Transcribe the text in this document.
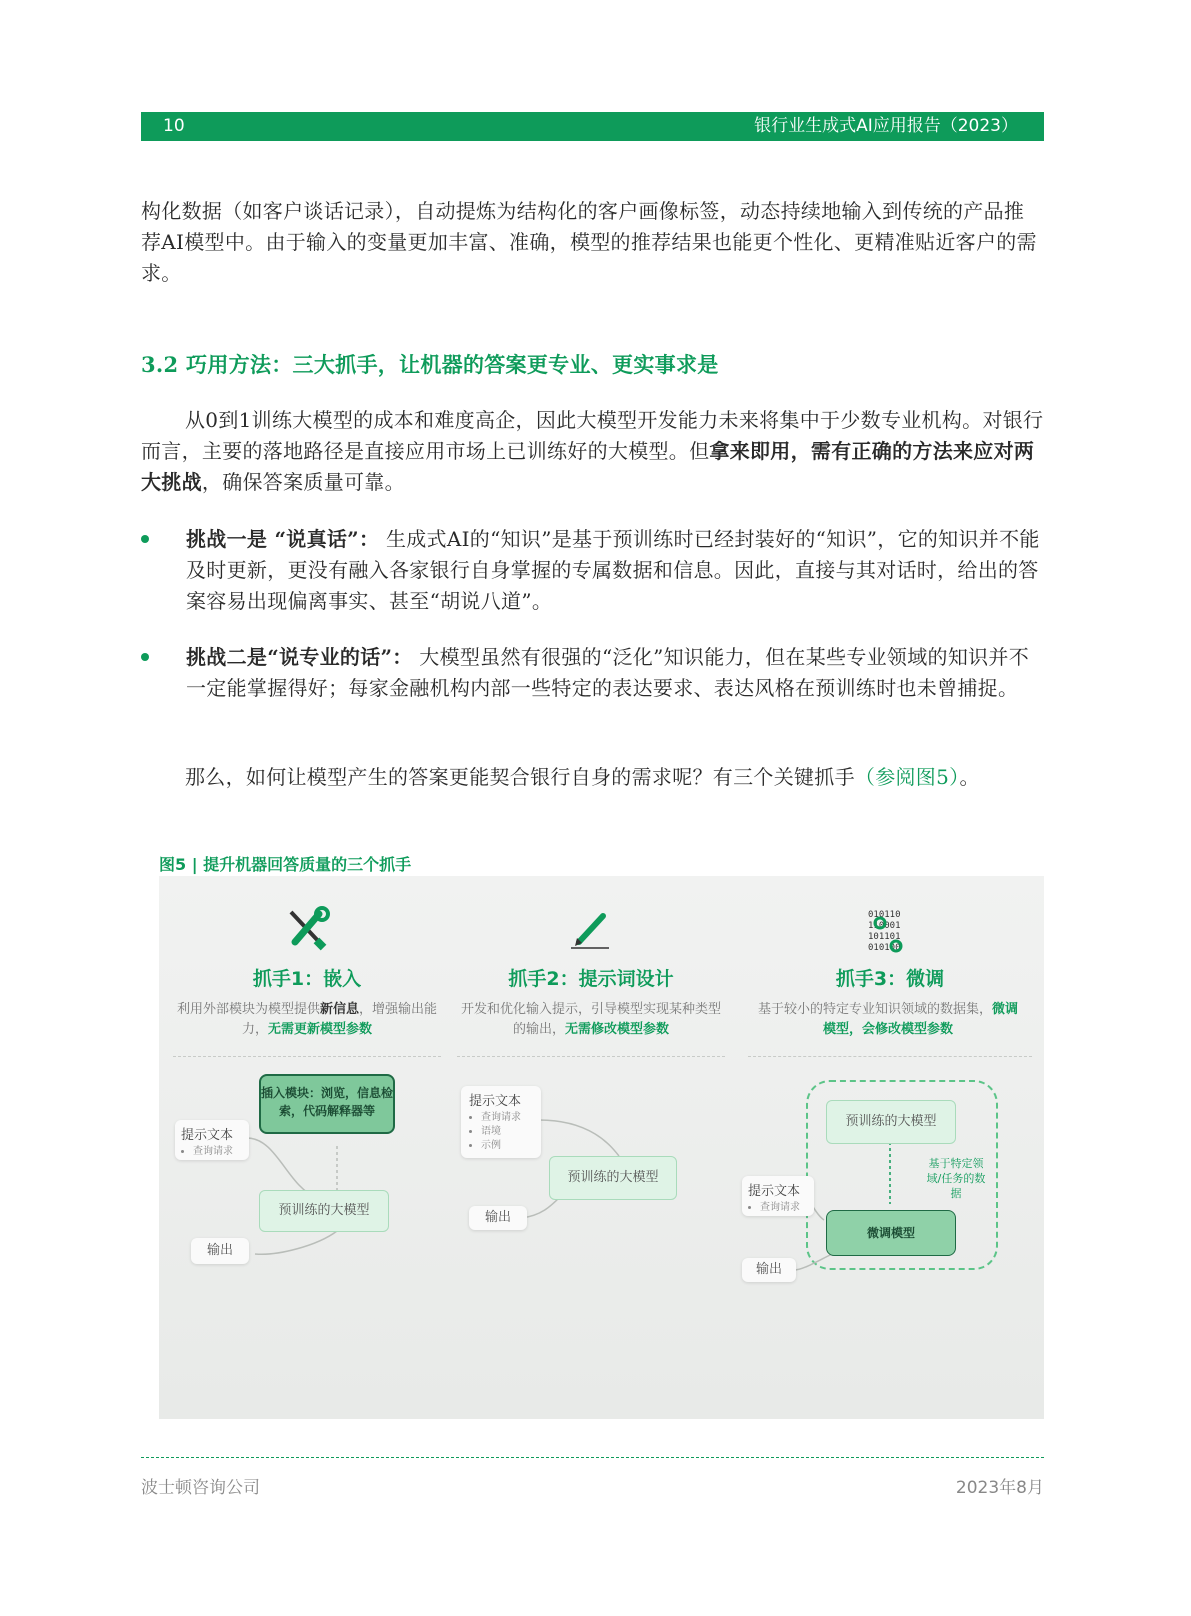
10	银行业生成式AI应用报告（2023）

构化数据（如客户谈话记录），自动提炼为结构化的客户画像标签，动态持续地输入到传统的产品推荐AI模型中。由于输入的变量更加丰富、准确，模型的推荐结果也能更个性化、更精准贴近客户的需求。

3.2 巧用方法：三大抓手，让机器的答案更专业、更实事求是

从0到1训练大模型的成本和难度高企，因此大模型开发能力未来将集中于少数专业机构。对银行而言，主要的落地路径是直接应用市场上已训练好的大模型。但拿来即用，需有正确的方法来应对两大挑战，确保答案质量可靠。

挑战一是 “说真话”： 生成式AI的“知识”是基于预训练时已经封装好的“知识”，它的知识并不能及时更新，更没有融入各家银行自身掌握的专属数据和信息。因此，直接与其对话时，给出的答案容易出现偏离事实、甚至“胡说八道”。

挑战二是“说专业的话”： 大模型虽然有很强的“泛化”知识能力，但在某些专业领域的知识并不一定能掌握得好；每家金融机构内部一些特定的表达要求、表达风格在预训练时也未曾捕捉。

那么，如何让模型产生的答案更能契合银行自身的需求呢？有三个关键抓手（参阅图5）。

图5 | 提升机器回答质量的三个抓手
抓手1：嵌入
利用外部模块为模型提供新信息，增强输出能力，无需更新模型参数
插入模块：浏览，信息检索，代码解释器等
提示文本
• 查询请求
预训练的大模型
输出
抓手2：提示词设计
开发和优化输入提示，引导模型实现某种类型的输出，无需修改模型参数
提示文本
• 查询请求
• 语境
• 示例
预训练的大模型
输出
010110
110001
101101
010100
抓手3：微调
基于较小的特定专业知识领域的数据集，微调模型，会修改模型参数
预训练的大模型
基于特定领域/任务的数据
提示文本
• 查询请求
微调模型
输出
波士顿咨询公司	2023年8月
